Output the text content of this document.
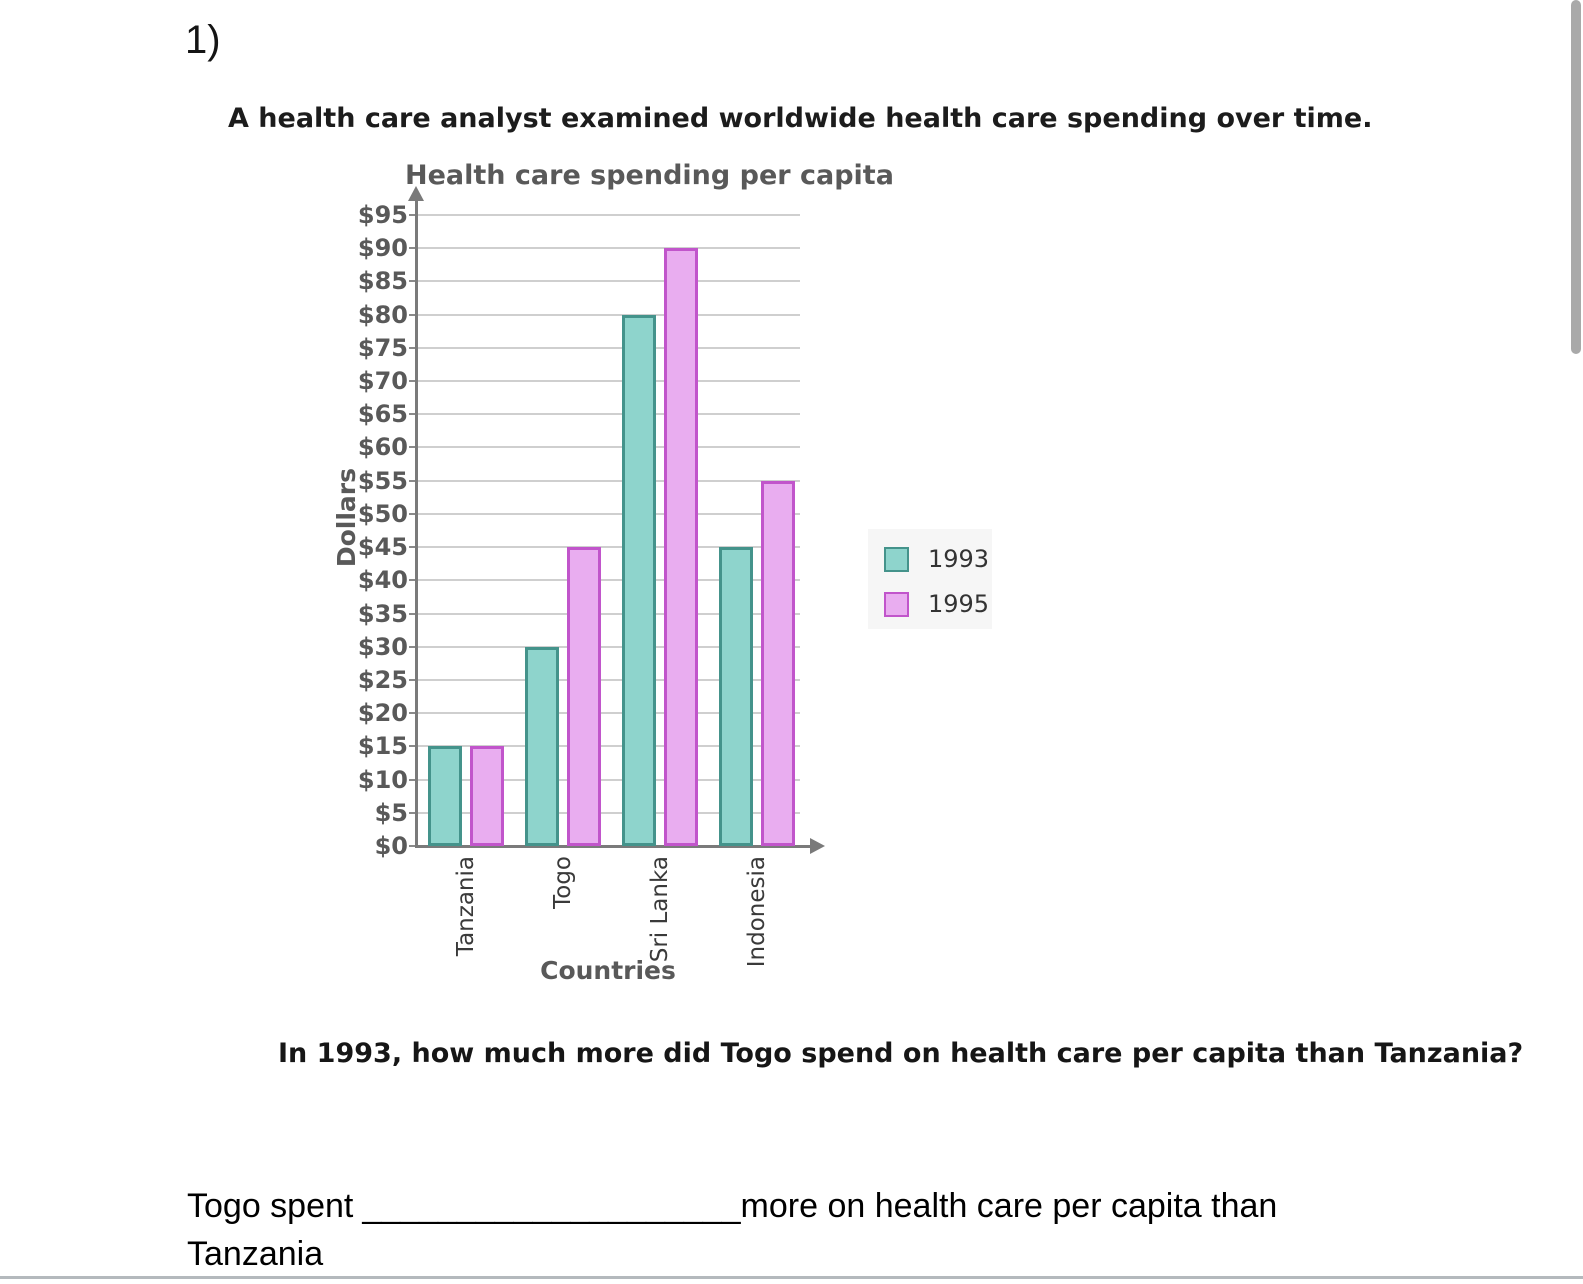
1)
A health care analyst examined worldwide health care spending over time.
Health care spending per capita
$0
$5
$10
$15
$20
$25
$30
$35
$40
$45
$50
$55
$60
$65
$70
$75
$80
$85
$90
$95
Tanzania	Togo	Sri Lanka	Indonesia
Dollars
Countries
1993
1995
In 1993, how much more did Togo spend on health care per capita than Tanzania?
Togo spent ____________________more on health care per capita than
Tanzania
